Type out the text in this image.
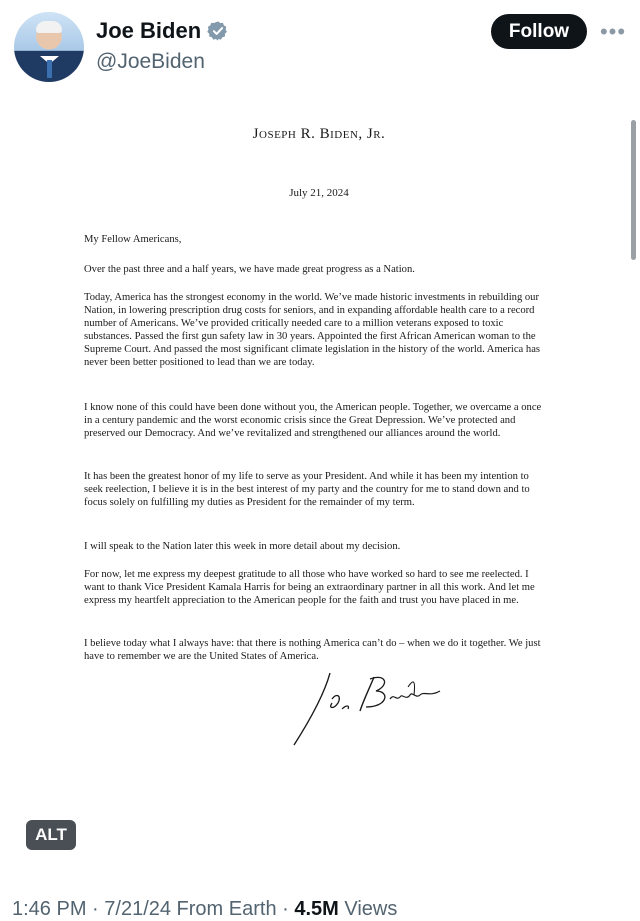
Joe Biden
@JoeBiden
Follow	•••
Joseph R. Biden, Jr.
July 21, 2024

My Fellow Americans,

Over the past three and a half years, we have made great progress as a Nation.

Today, America has the strongest economy in the world. We’ve made historic investments in rebuilding our Nation, in lowering prescription drug costs for seniors, and in expanding affordable health care to a record number of Americans. We’ve provided critically needed care to a million veterans exposed to toxic substances. Passed the first gun safety law in 30 years. Appointed the first African American woman to the Supreme Court. And passed the most significant climate legislation in the history of the world. America has never been better positioned to lead than we are today.

I know none of this could have been done without you, the American people. Together, we overcame a once in a century pandemic and the worst economic crisis since the Great Depression. We’ve protected and preserved our Democracy. And we’ve revitalized and strengthened our alliances around the world.

It has been the greatest honor of my life to serve as your President. And while it has been my intention to seek reelection, I believe it is in the best interest of my party and the country for me to stand down and to focus solely on fulfilling my duties as President for the remainder of my term.

I will speak to the Nation later this week in more detail about my decision.

For now, let me express my deepest gratitude to all those who have worked so hard to see me reelected. I want to thank Vice President Kamala Harris for being an extraordinary partner in all this work. And let me express my heartfelt appreciation to the American people for the faith and trust you have placed in me.

I believe today what I always have: that there is nothing America can’t do – when we do it together. We just have to remember we are the United States of America.

ALT
1:46 PM · 7/21/24 From Earth · 4.5M Views
